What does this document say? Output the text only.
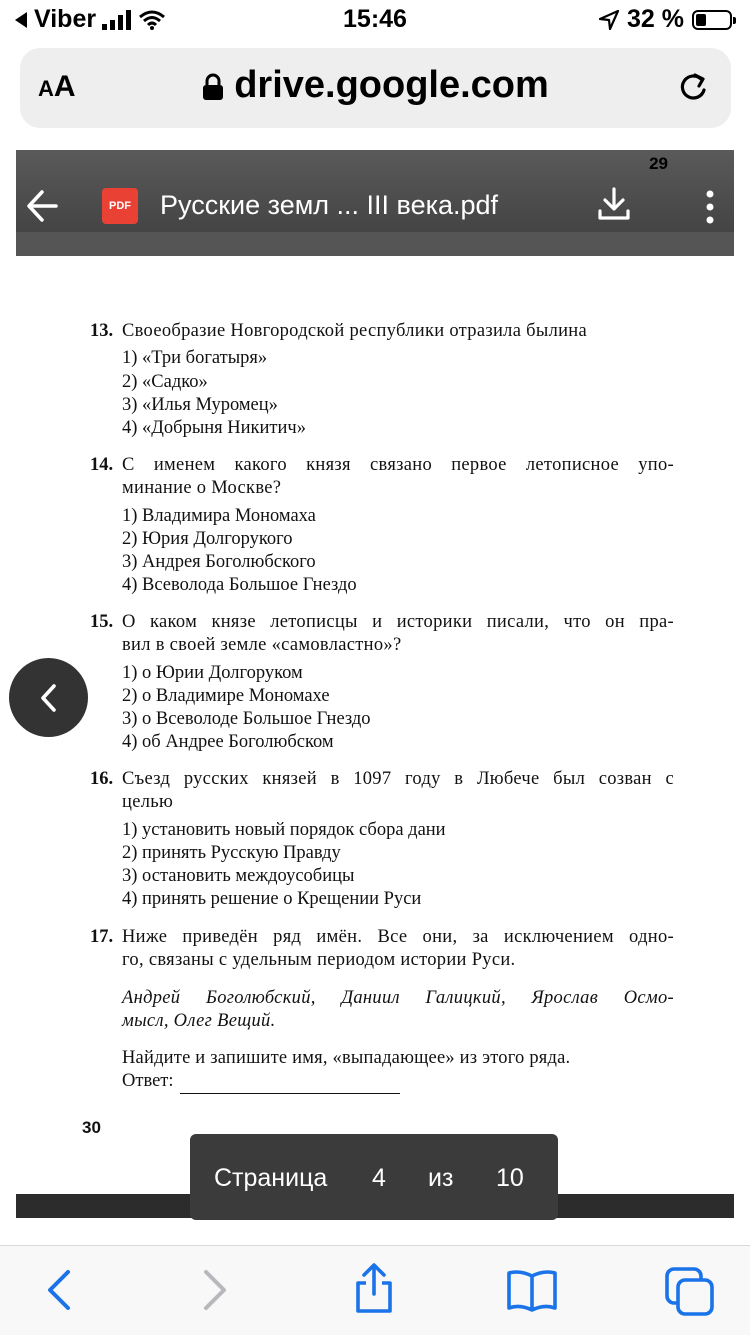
Viber	15:46	32 %
AA	drive.google.com
29
PDF Русские земл ... III века.pdf
13. Своеобразие Новгородской республики отразила былина
1) «Три богатыря»
2) «Садко»
3) «Илья Муромец»
4) «Добрыня Никитич»
14. С именем какого князя связано первое летописное упо-
минание о Москве?
1) Владимира Мономаха
2) Юрия Долгорукого
3) Андрея Боголюбского
4) Всеволода Большое Гнездо
15. О каком князе летописцы и историки писали, что он пра-
вил в своей земле «самовластно»?
1) о Юрии Долгоруком
2) о Владимире Мономахе
3) о Всеволоде Большое Гнездо
4) об Андрее Боголюбском
16. Съезд русских князей в 1097 году в Любече был созван с
целью
1) установить новый порядок сбора дани
2) принять Русскую Правду
3) остановить междоусобицы
4) принять решение о Крещении Руси
17. Ниже приведён ряд имён. Все они, за исключением одно-
го, связаны с удельным периодом истории Руси.
Андрей Боголюбский, Даниил Галицкий, Ярослав Осмо-
мысл, Олег Вещий.
Найдите и запишите имя, «выпадающее» из этого ряда.
Ответ:
30
Страница 4 из 10
